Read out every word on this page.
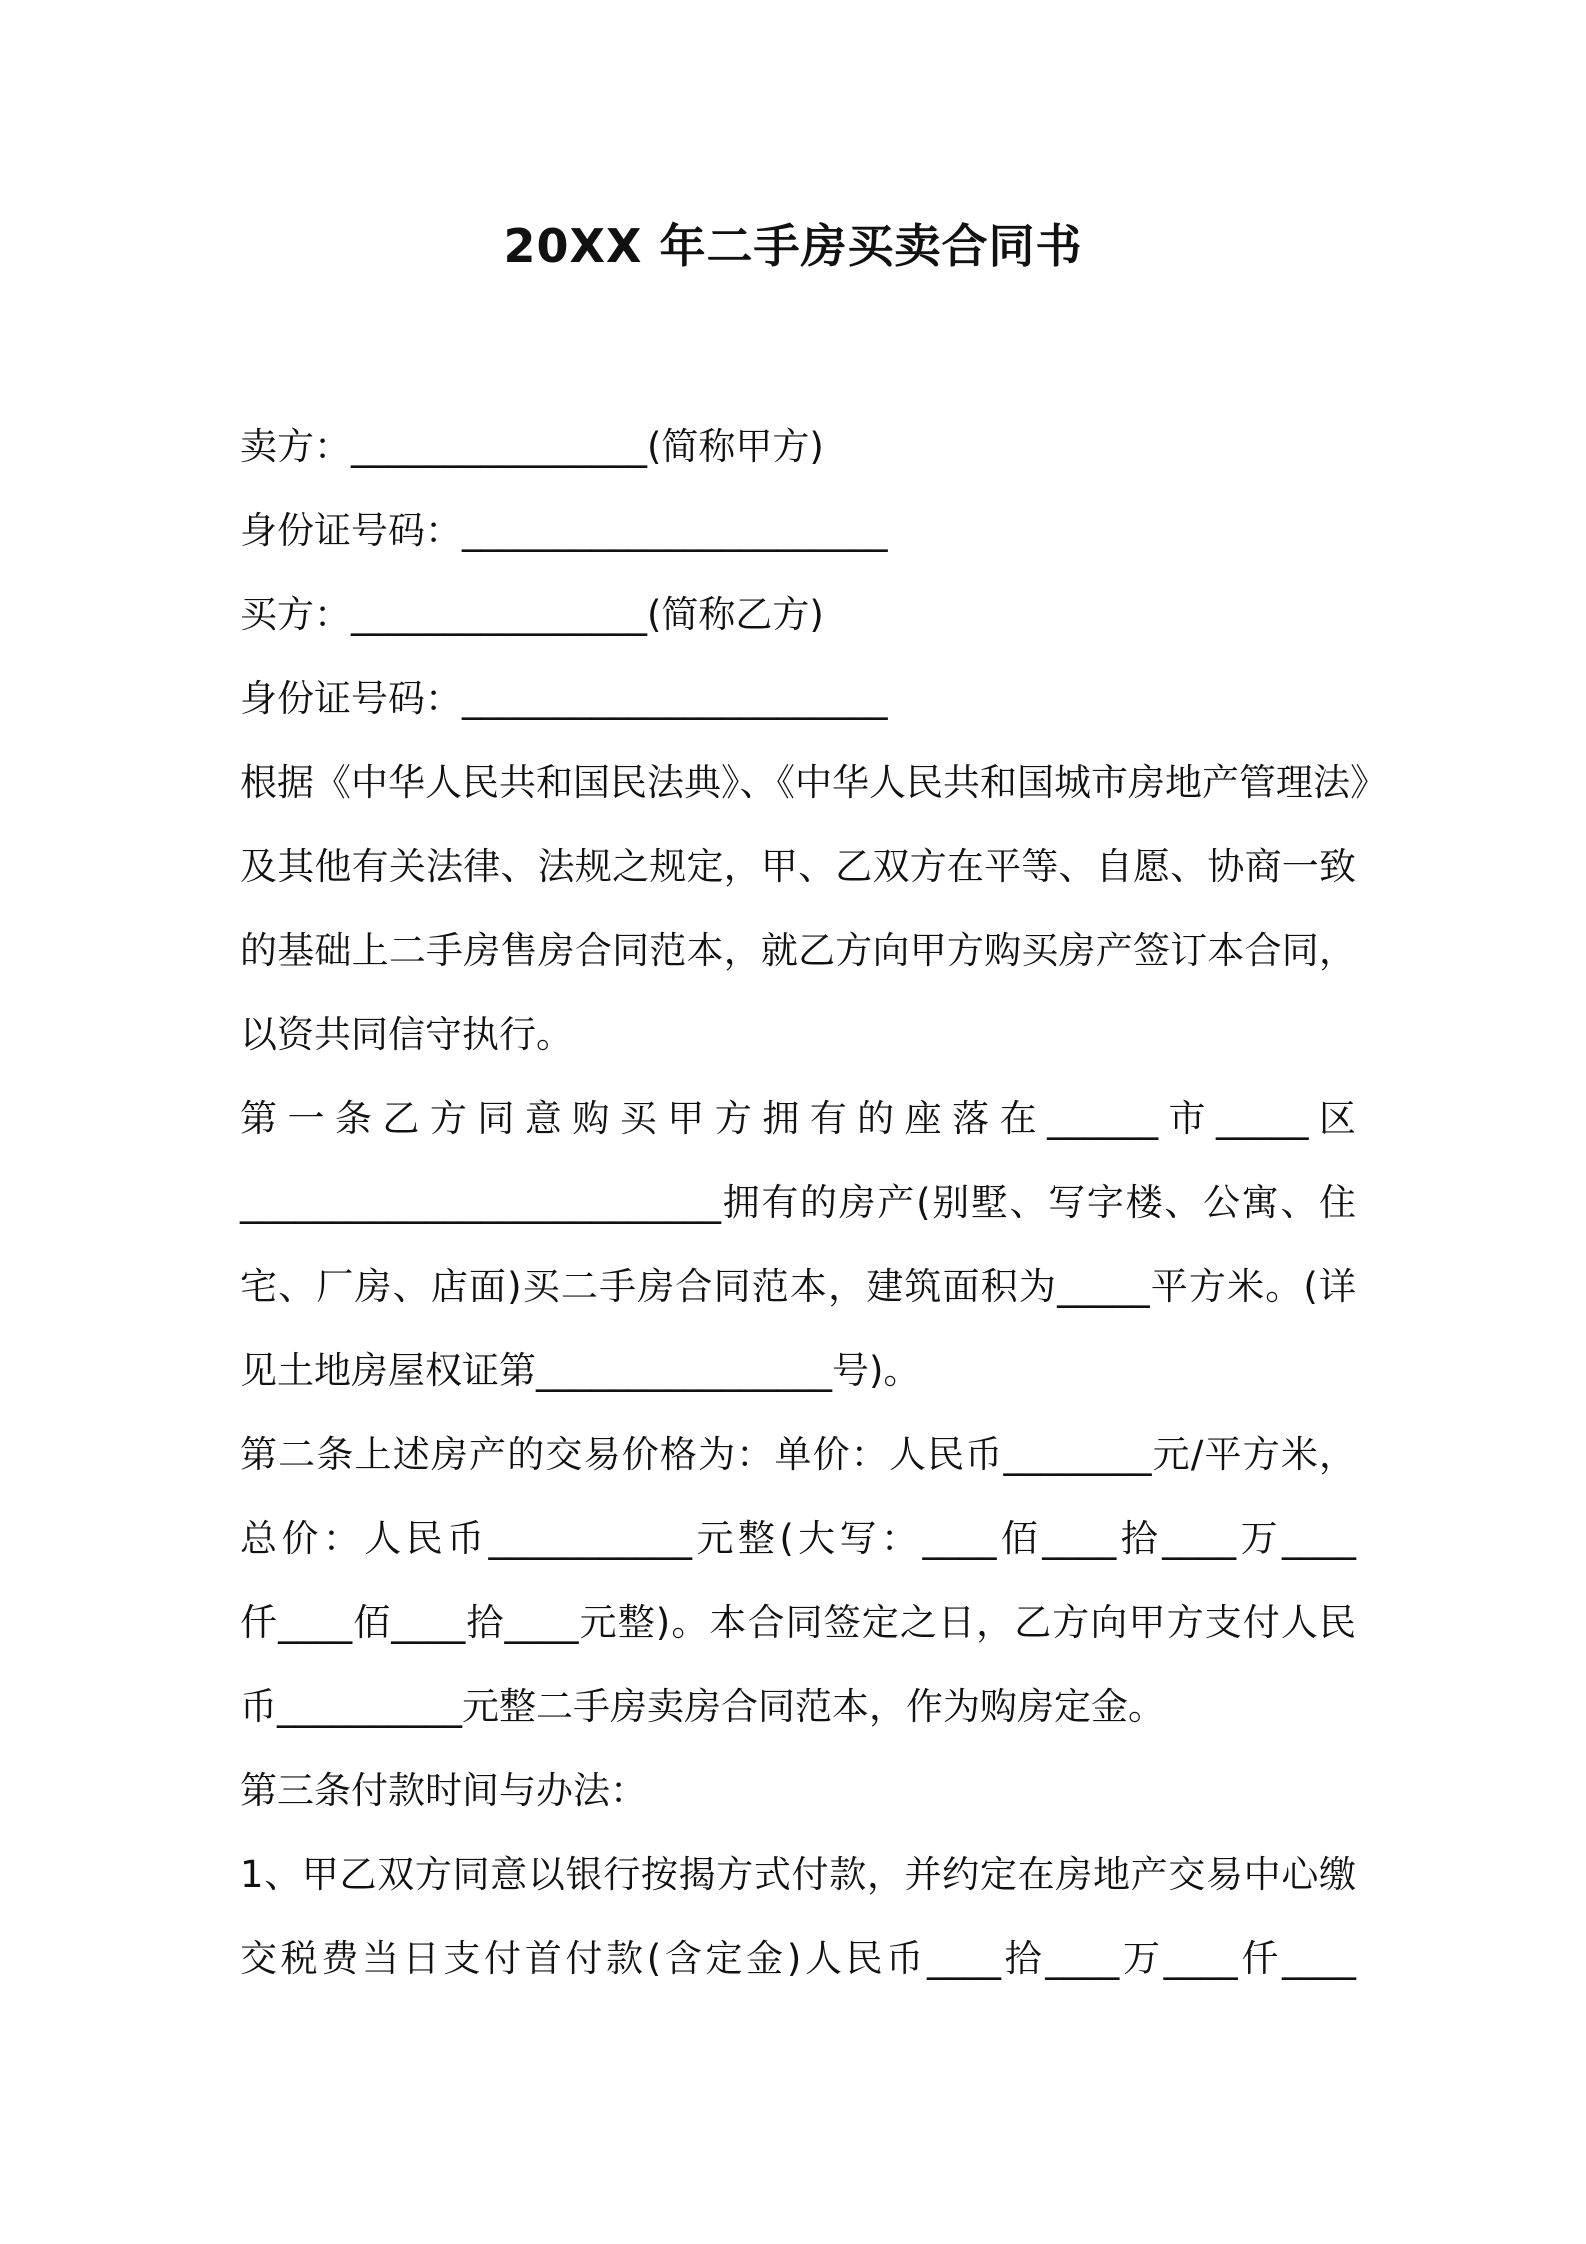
20XX 年二手房买卖合同书
卖方：________________(简称甲方)
身份证号码：_______________________
买方：________________(简称乙方)
身份证号码：_______________________
根据《中华人民共和国民法典》、《中华人民共和国城市房地产管理法》
及其他有关法律、法规之规定，甲、乙双方在平等、自愿、协商一致
的基础上二手房售房合同范本，就乙方向甲方购买房产签订本合同，
以资共同信守执行。
第一条乙方同意购买甲方拥有的座落在______市_____区
__________________________拥有的房产(别墅、写字楼、公寓、住
宅、厂房、店面)买二手房合同范本，建筑面积为_____平方米。(详
见土地房屋权证第________________号)。
第二条上述房产的交易价格为：单价：人民币________元/平方米，
总价：人民币___________元整(大写：____佰____拾____万____
仟____佰____拾____元整)。本合同签定之日，乙方向甲方支付人民
币__________元整二手房卖房合同范本，作为购房定金。
第三条付款时间与办法：
1、甲乙双方同意以银行按揭方式付款，并约定在房地产交易中心缴
交税费当日支付首付款(含定金)人民币____拾____万____仟____
